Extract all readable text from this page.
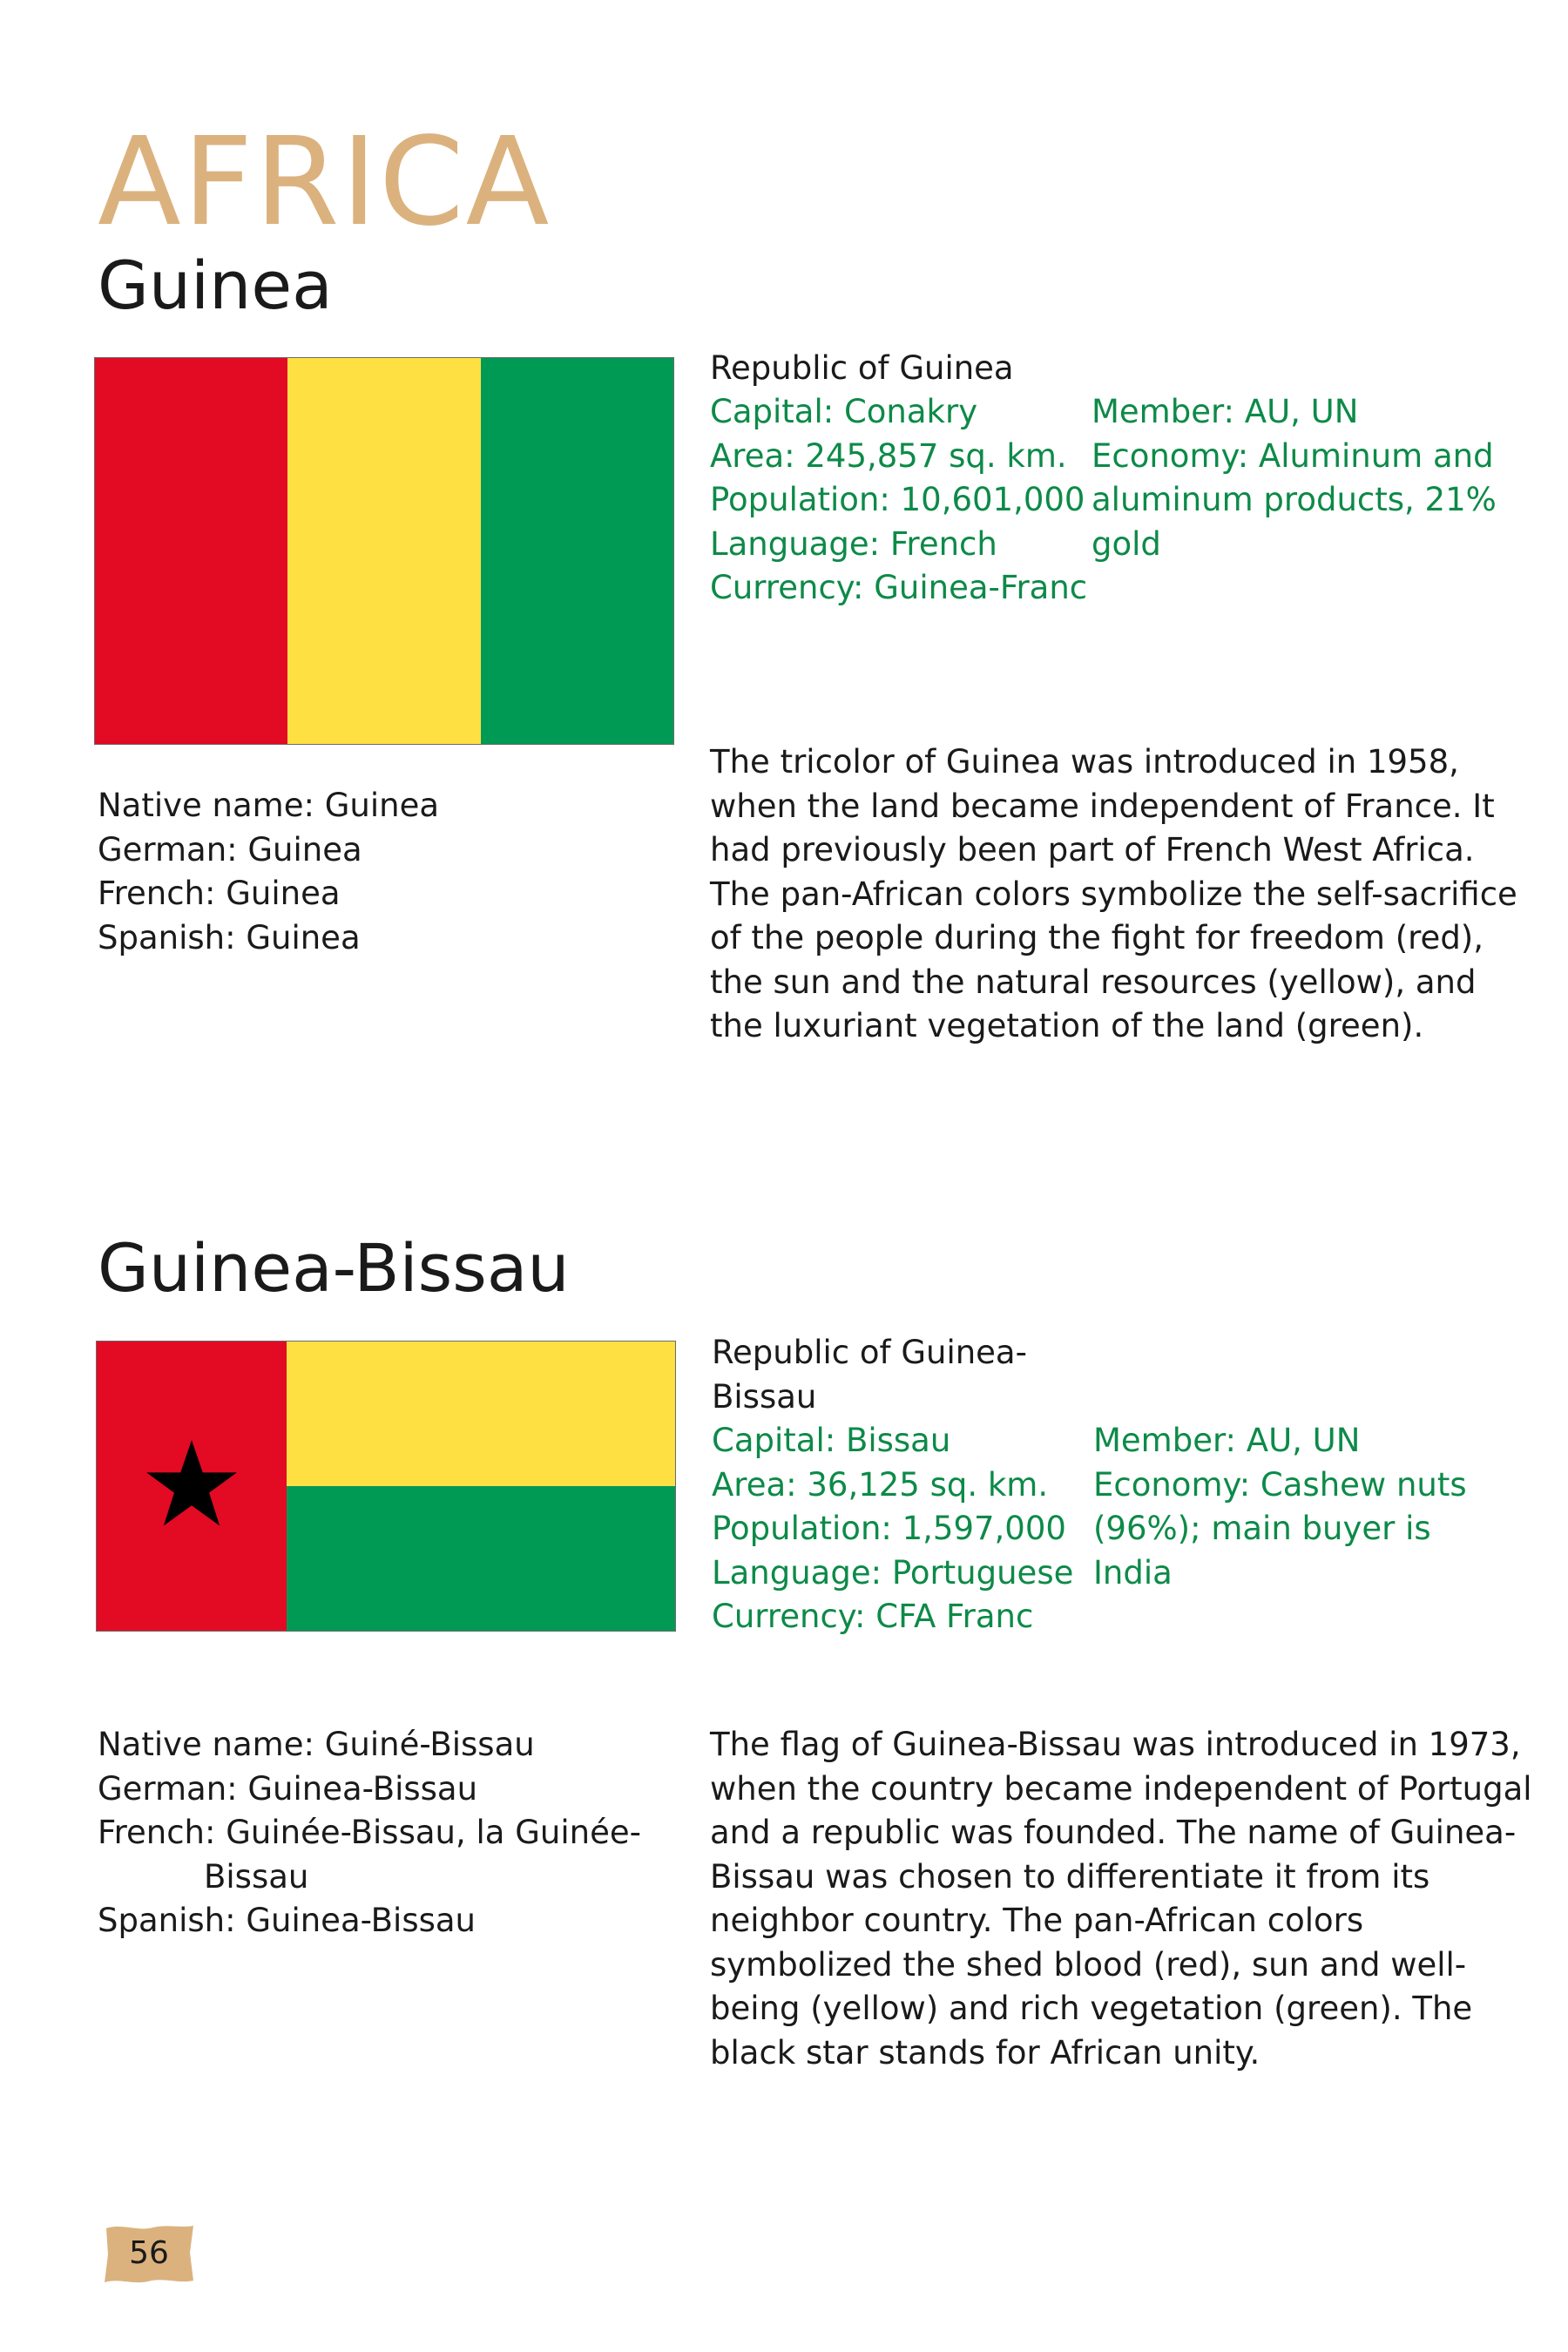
AFRICA
Guinea
Republic of Guinea
Capital: Conakry
Area: 245,857 sq. km.
Population: 10,601,000
Language: French
Currency: Guinea-Franc
Member: AU, UN
Economy: Aluminum and
aluminum products, 21%
gold
Native name: Guinea
German: Guinea
French: Guinea
Spanish: Guinea
The tricolor of Guinea was introduced in 1958,
when the land became independent of France. It
had previously been part of French West Africa.
The pan-African colors symbolize the self-sacrifice
of the people during the fight for freedom (red),
the sun and the natural resources (yellow), and
the luxuriant vegetation of the land (green).
Guinea-Bissau
Republic of Guinea-
Bissau
Capital: Bissau
Area: 36,125 sq. km.
Population: 1,597,000
Language: Portuguese
Currency: CFA Franc
Member: AU, UN
Economy: Cashew nuts
(96%); main buyer is
India
Native name: Guiné-Bissau
German: Guinea-Bissau
French: Guinée-Bissau, la Guinée-
Bissau
Spanish: Guinea-Bissau
The flag of Guinea-Bissau was introduced in 1973,
when the country became independent of Portugal
and a republic was founded. The name of Guinea-
Bissau was chosen to differentiate it from its
neighbor country. The pan-African colors
symbolized the shed blood (red), sun and well-
being (yellow) and rich vegetation (green). The
black star stands for African unity.
56
